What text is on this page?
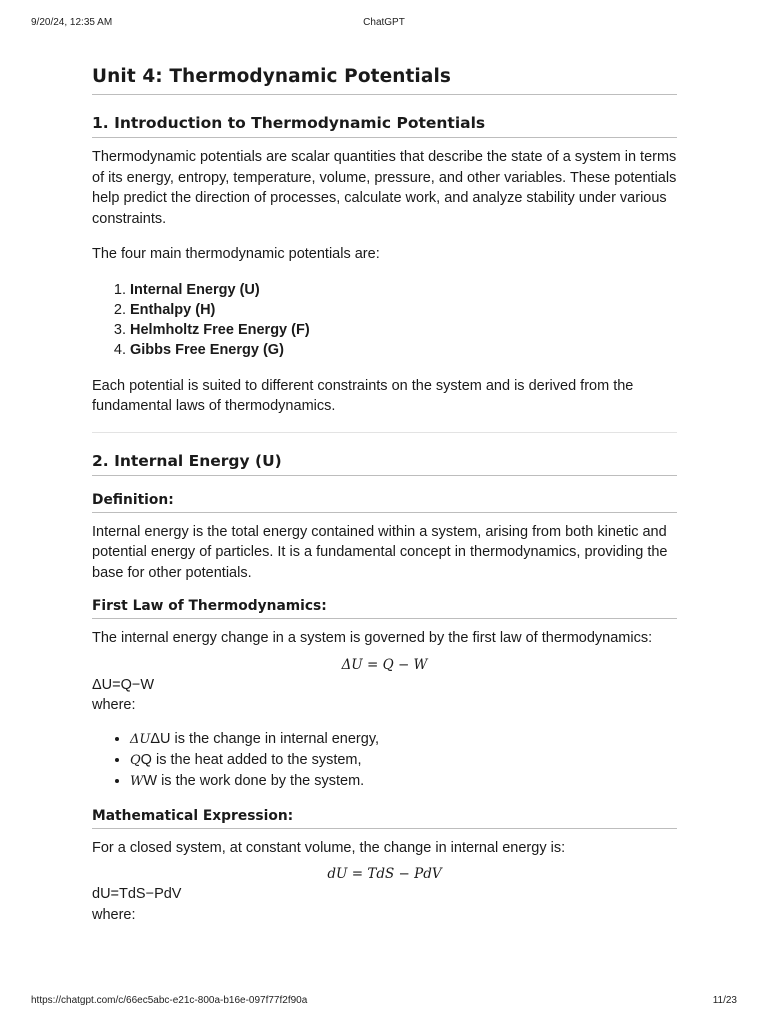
9/20/24, 12:35 AM	ChatGPT
Unit 4: Thermodynamic Potentials
1. Introduction to Thermodynamic Potentials

Thermodynamic potentials are scalar quantities that describe the state of a system in terms of its energy, entropy, temperature, volume, pressure, and other variables. These potentials help predict the direction of processes, calculate work, and analyze stability under various constraints.

The four main thermodynamic potentials are:

1. Internal Energy (U)
2. Enthalpy (H)
3. Helmholtz Free Energy (F)
4. Gibbs Free Energy (G)

Each potential is suited to different constraints on the system and is derived from the fundamental laws of thermodynamics.

2. Internal Energy (U)
Definition:

Internal energy is the total energy contained within a system, arising from both kinetic and potential energy of particles. It is a fundamental concept in thermodynamics, providing the base for other potentials.

First Law of Thermodynamics:

The internal energy change in a system is governed by the first law of thermodynamics:

ΔU = Q − W

ΔU=Q−W

where:

• ΔUΔU is the change in internal energy,
• QQ is the heat added to the system,
• WW is the work done by the system.
Mathematical Expression:

For a closed system, at constant volume, the change in internal energy is:

dU = TdS − PdV

dU=TdS−PdV

where:

https://chatgpt.com/c/66ec5abc-e21c-800a-b16e-097f77f2f90a	11/23
